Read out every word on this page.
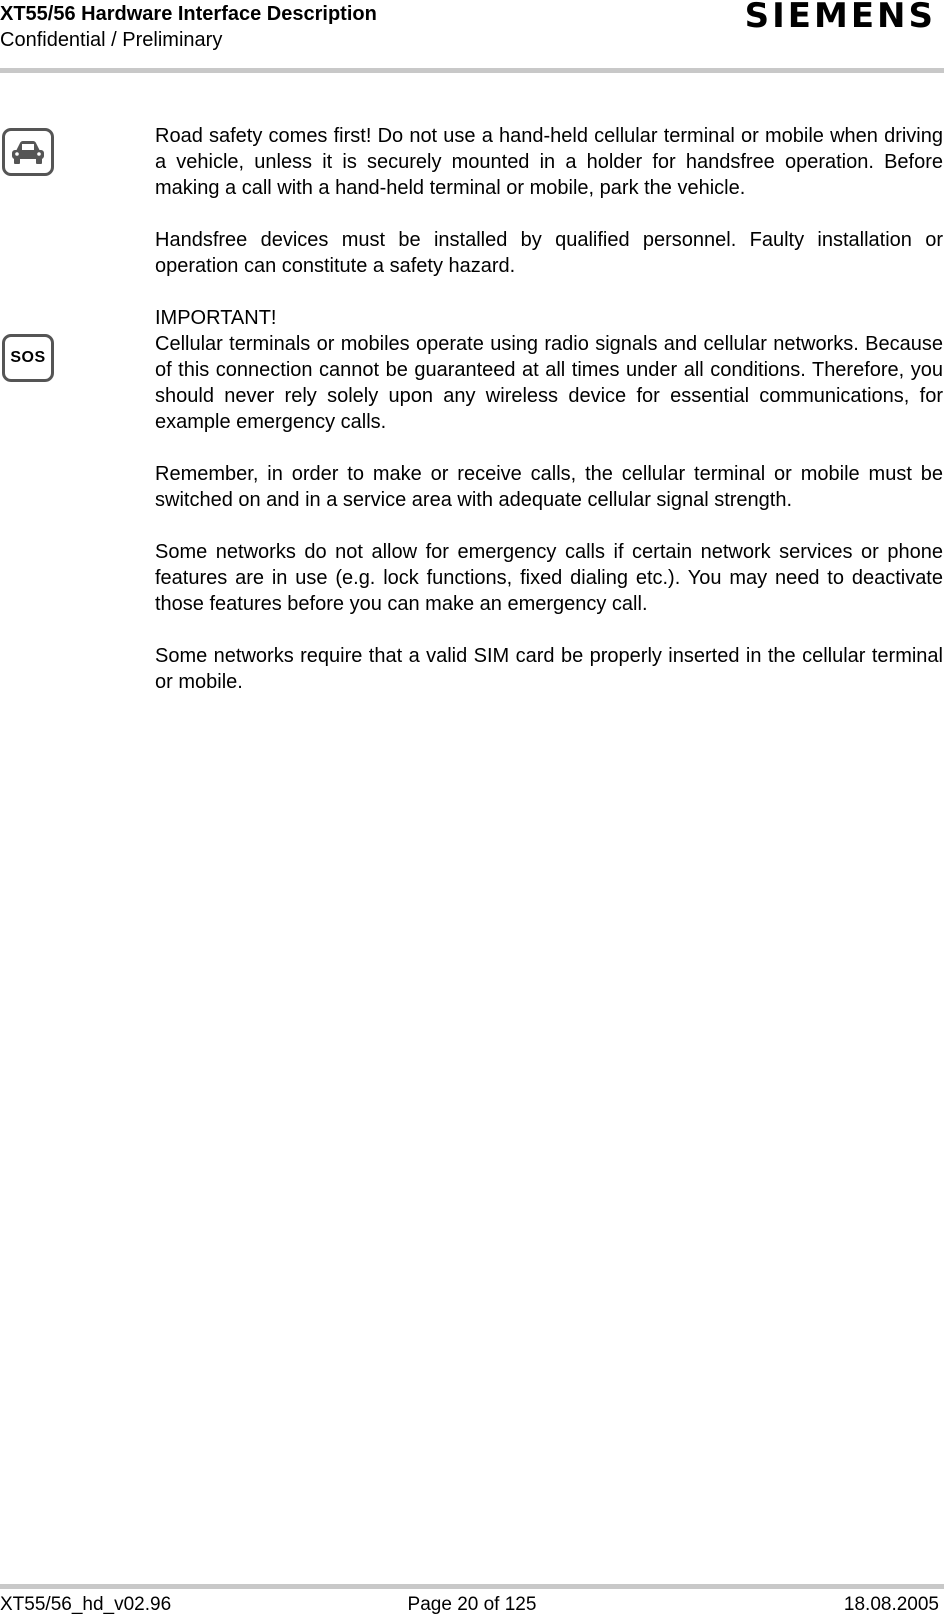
XT55/56 Hardware Interface Description
Confidential / Preliminary
SIEMENS
SOS

Road safety comes first! Do not use a hand-held cellular terminal or mobile when driving a vehicle, unless it is securely mounted in a holder for handsfree operation. Before making a call with a hand-held terminal or mobile, park the vehicle.

Handsfree devices must be installed by qualified personnel. Faulty installation or operation can constitute a safety hazard.

IMPORTANT!

Cellular terminals or mobiles operate using radio signals and cellular networks. Because of this connection cannot be guaranteed at all times under all conditions. Therefore, you should never rely solely upon any wireless device for essential communications, for example emergency calls.

Remember, in order to make or receive calls, the cellular terminal or mobile must be switched on and in a service area with adequate cellular signal strength.

Some networks do not allow for emergency calls if certain network services or phone features are in use (e.g. lock functions, fixed dialing etc.). You may need to deactivate those features before you can make an emergency call.

Some networks require that a valid SIM card be properly inserted in the cellular terminal or mobile.

XT55/56_hd_v02.96	Page 20 of 125	18.08.2005
